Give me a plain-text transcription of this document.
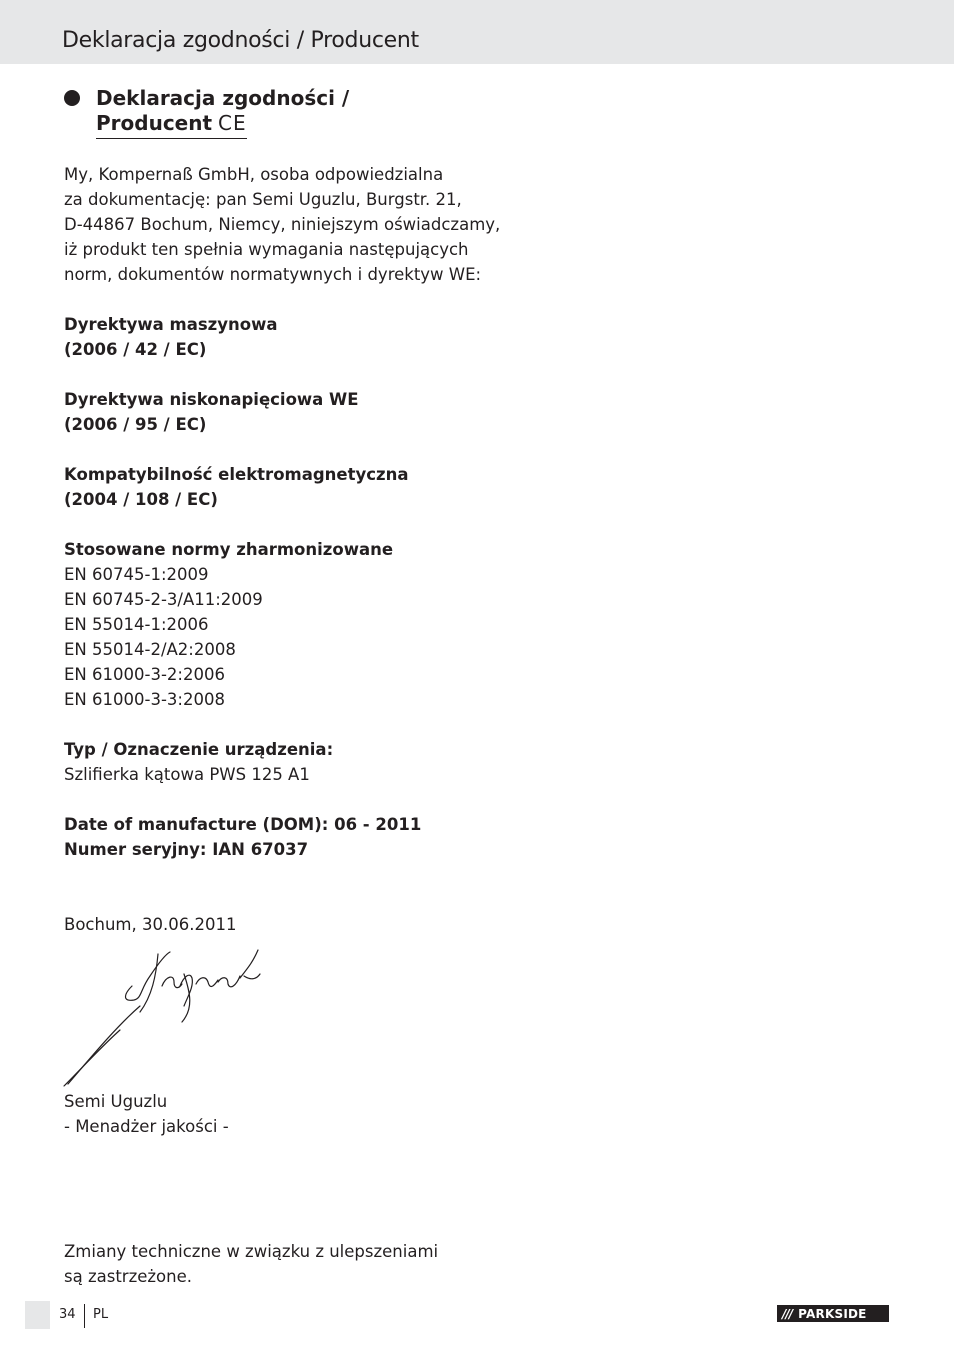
Deklaracja zgodności / Producent
Deklaracja zgodności /
Producent CE
My, Kompernaß GmbH, osoba odpowiedzialna
za dokumentację: pan Semi Uguzlu, Burgstr. 21,
D-44867 Bochum, Niemcy, niniejszym oświadczamy,
iż produkt ten spełnia wymagania następujących
norm, dokumentów normatywnych i dyrektyw WE:
Dyrektywa maszynowa
(2006 / 42 / EC)
Dyrektywa niskonapięciowa WE
(2006 / 95 / EC)
Kompatybilność elektromagnetyczna
(2004 / 108 / EC)
Stosowane normy zharmonizowane
EN 60745-1:2009
EN 60745-2-3/A11:2009
EN 55014-1:2006
EN 55014-2/A2:2008
EN 61000-3-2:2006
EN 61000-3-3:2008
Typ / Oznaczenie urządzenia:
Szlifierka kątowa PWS 125 A1
Date of manufacture (DOM): 06 - 2011
Numer seryjny: IAN 67037
Bochum, 30.06.2011
Semi Uguzlu
- Menadżer jakości -
Zmiany techniczne w związku z ulepszeniami
są zastrzeżone.
34 PL	/// PARKSIDE
